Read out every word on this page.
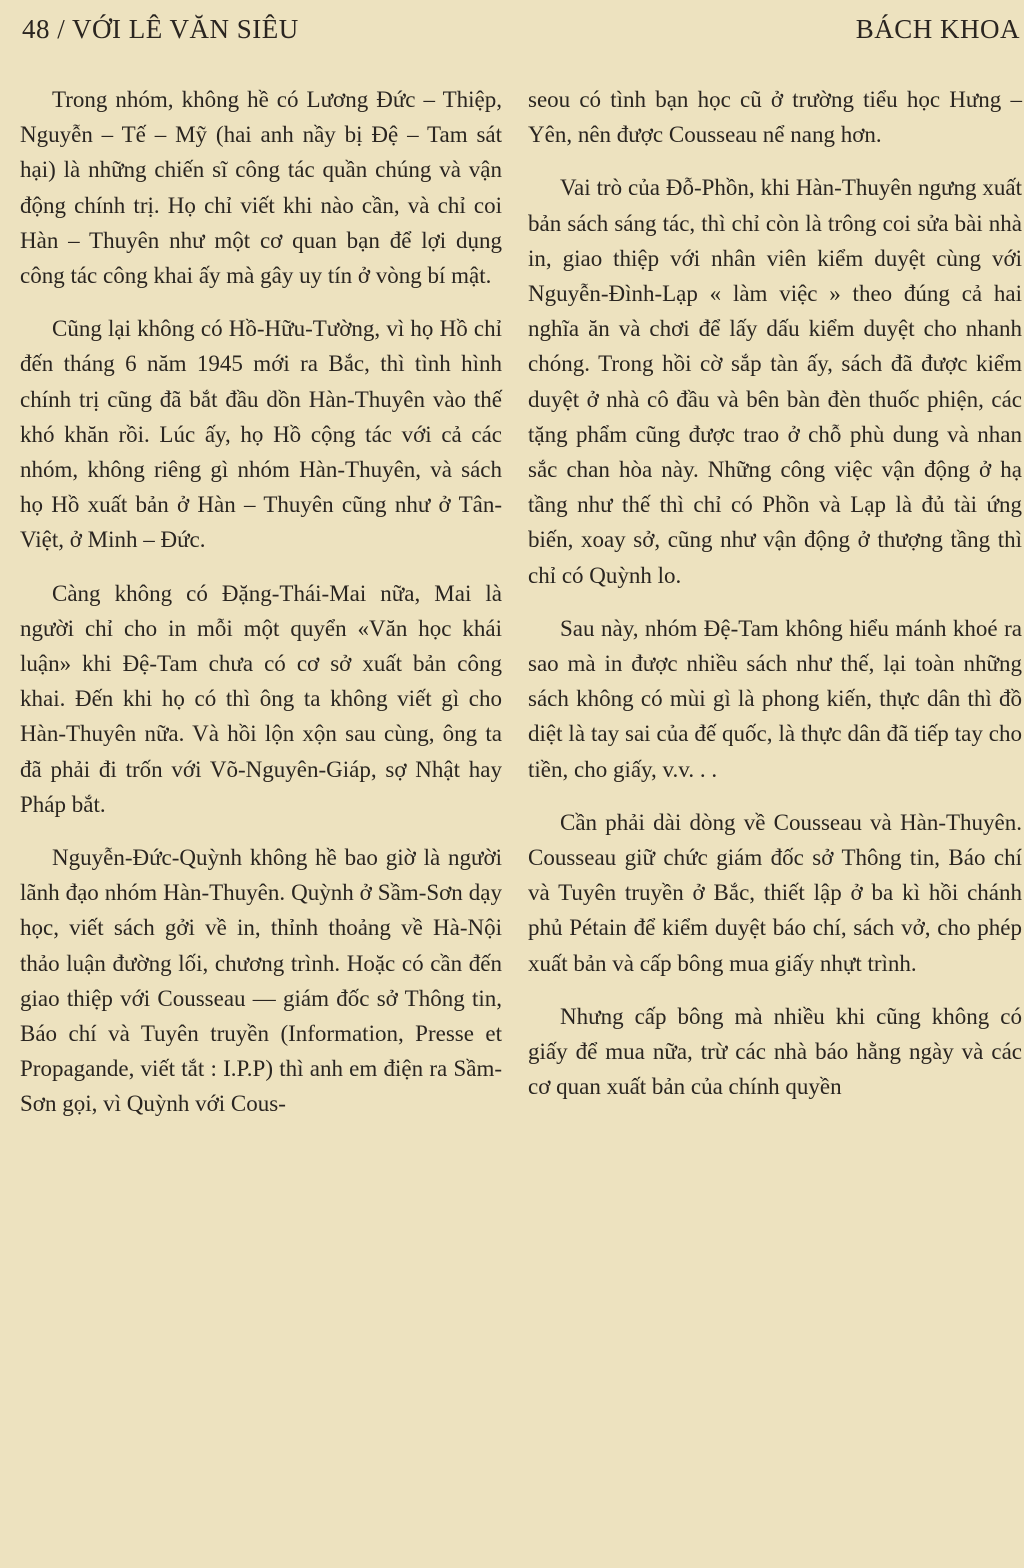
48 / VỚI LÊ VĂN SIÊU	BÁCH KHOA

Trong nhóm, không hề có Lương Đức – Thiệp, Nguyễn – Tế – Mỹ (hai anh nầy bị Đệ – Tam sát hại) là những chiến sĩ công tác quần chúng và vận động chính trị. Họ chỉ viết khi nào cần, và chỉ coi Hàn – Thuyên như một cơ quan bạn để lợi dụng công tác công khai ấy mà gây uy tín ở vòng bí mật.

Cũng lại không có Hồ-Hữu-Tường, vì họ Hồ chỉ đến tháng 6 năm 1945 mới ra Bắc, thì tình hình chính trị cũng đã bắt đầu dồn Hàn-Thuyên vào thế khó khăn rồi. Lúc ấy, họ Hồ cộng tác với cả các nhóm, không riêng gì nhóm Hàn-Thuyên, và sách họ Hồ xuất bản ở Hàn – Thuyên cũng như ở Tân-Việt, ở Minh – Đức.

Càng không có Đặng-Thái-Mai nữa, Mai là người chỉ cho in mỗi một quyển «Văn học khái luận» khi Đệ-Tam chưa có cơ sở xuất bản công khai. Đến khi họ có thì ông ta không viết gì cho Hàn-Thuyên nữa. Và hồi lộn xộn sau cùng, ông ta đã phải đi trốn với Võ-Nguyên-Giáp, sợ Nhật hay Pháp bắt.

Nguyễn-Đức-Quỳnh không hề bao giờ là người lãnh đạo nhóm Hàn-Thuyên. Quỳnh ở Sầm-Sơn dạy học, viết sách gởi về in, thỉnh thoảng về Hà-Nội thảo luận đường lối, chương trình. Hoặc có cần đến giao thiệp với Cousseau — giám đốc sở Thông tin, Báo chí và Tuyên truyền (Information, Presse et Propagande, viết tắt : I.P.P) thì anh em điện ra Sầm-Sơn gọi, vì Quỳnh với Cous-

seou có tình bạn học cũ ở trường tiểu học Hưng – Yên, nên được Cousseau nể nang hơn.

Vai trò của Đỗ-Phồn, khi Hàn-Thuyên ngưng xuất bản sách sáng tác, thì chỉ còn là trông coi sửa bài nhà in, giao thiệp với nhân viên kiểm duyệt cùng với Nguyễn-Đình-Lạp « làm việc » theo đúng cả hai nghĩa ăn và chơi để lấy dấu kiểm duyệt cho nhanh chóng. Trong hồi cờ sắp tàn ấy, sách đã được kiểm duyệt ở nhà cô đầu và bên bàn đèn thuốc phiện, các tặng phẩm cũng được trao ở chỗ phù dung và nhan sắc chan hòa này. Những công việc vận động ở hạ tầng như thế thì chỉ có Phồn và Lạp là đủ tài ứng biến, xoay sở, cũng như vận động ở thượng tầng thì chỉ có Quỳnh lo.

Sau này, nhóm Đệ-Tam không hiểu mánh khoé ra sao mà in được nhiều sách như thế, lại toàn những sách không có mùi gì là phong kiến, thực dân thì đồ diệt là tay sai của đế quốc, là thực dân đã tiếp tay cho tiền, cho giấy, v.v. . .

Cần phải dài dòng về Cousseau và Hàn-Thuyên. Cousseau giữ chức giám đốc sở Thông tin, Báo chí và Tuyên truyền ở Bắc, thiết lập ở ba kì hồi chánh phủ Pétain để kiểm duyệt báo chí, sách vở, cho phép xuất bản và cấp bông mua giấy nhựt trình.

Nhưng cấp bông mà nhiều khi cũng không có giấy để mua nữa, trừ các nhà báo hằng ngày và các cơ quan xuất bản của chính quyền
